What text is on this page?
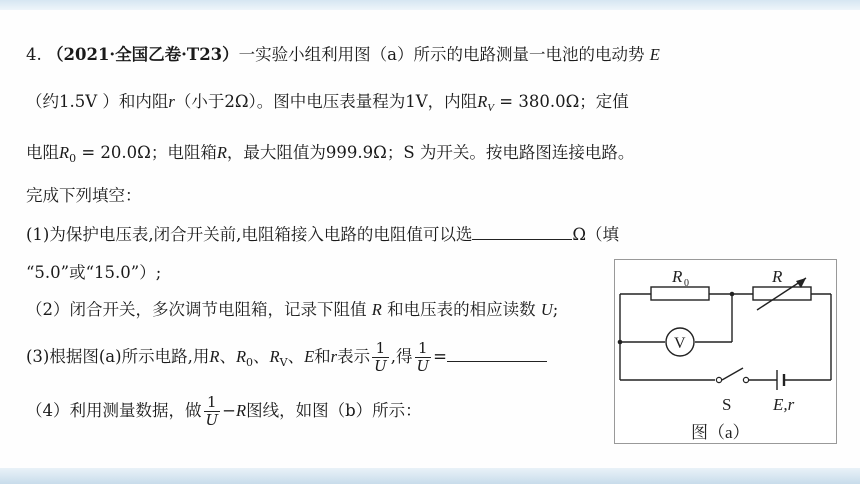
4. （2021·全国乙卷·T23）一实验小组利用图（a）所示的电路测量一电池的电动势 E
（约1.5V ）和内阻r（小于2Ω）。图中电压表量程为1V，内阻$R_V = 380.0\Omega$；定值
电阻$R_0 = 20.0\Omega$；电阻箱R，最大阻值为999.9Ω；S 为开关。按电路图连接电路。
完成下列填空：
(1)为保护电压表,闭合开关前,电阻箱接入电路的电阻值可以选	Ω（填
“5.0”或“15.0”）;
（2）闭合开关，多次调节电阻箱，记录下阻值 R 和电压表的相应读数 U;
(3)根据图(a)所示电路,用R、$R_0$、$R_V$、E和r表示 $\frac{1}{U}$ ,得 $\frac{1}{U}$ =
（4）利用测量数据，做 $\frac{1}{U} -R$图线，如图（b）所示：
R 0	R
V
S E,r
图（a）
